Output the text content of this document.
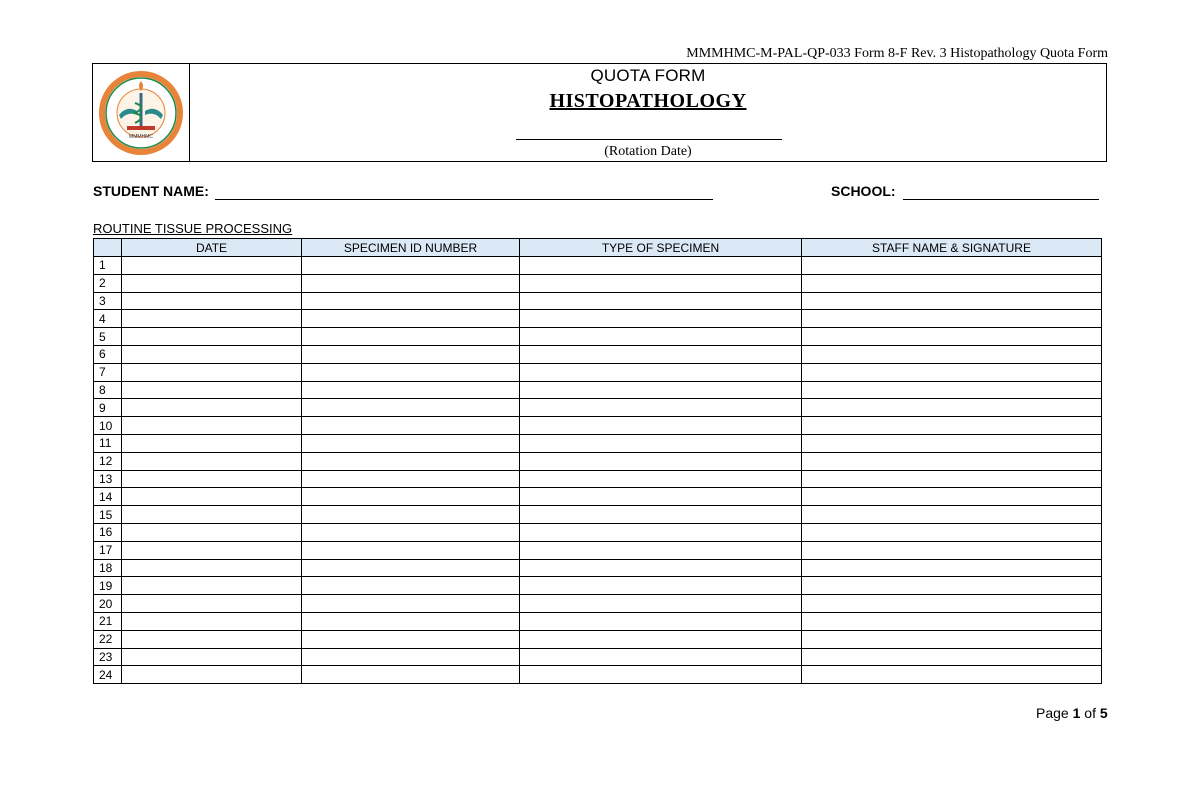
MMMHMC-M-PAL-QP-033 Form 8-F Rev. 3 Histopathology Quota Form
MMMHMC
QUOTA FORM
HISTOPATHOLOGY
(Rotation Date)
STUDENT NAME:	SCHOOL:
ROUTINE TISSUE PROCESSING
	DATE	SPECIMEN ID NUMBER	TYPE OF SPECIMEN	STAFF NAME & SIGNATURE
1				
2				
3				
4				
5				
6				
7				
8				
9				
10				
11				
12				
13				
14				
15				
16				
17				
18				
19				
20				
21				
22				
23				
24				
Page 1 of 5
